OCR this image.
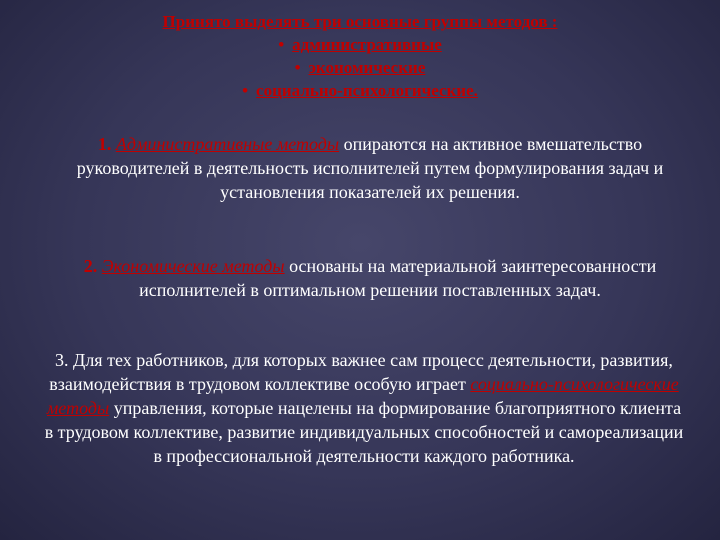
Принято выделять три основные группы методов :
• административные
• экономические
• социально-психологические.
1. Административные методы опираются на активное вмешательство руководителей в деятельность исполнителей путем формулирования задач и установления показателей их решения.
2. Экономические методы основаны на материальной заинтересованности исполнителей в оптимальном решении поставленных задач.
3. Для тех работников, для которых важнее сам процесс деятельности, развития, взаимодействия в трудовом коллективе особую играет социально-психологические методы управления, которые нацелены на формирование благоприятного клиента в трудовом коллективе, развитие индивидуальных способностей и самореализации в профессиональной деятельности каждого работника.
